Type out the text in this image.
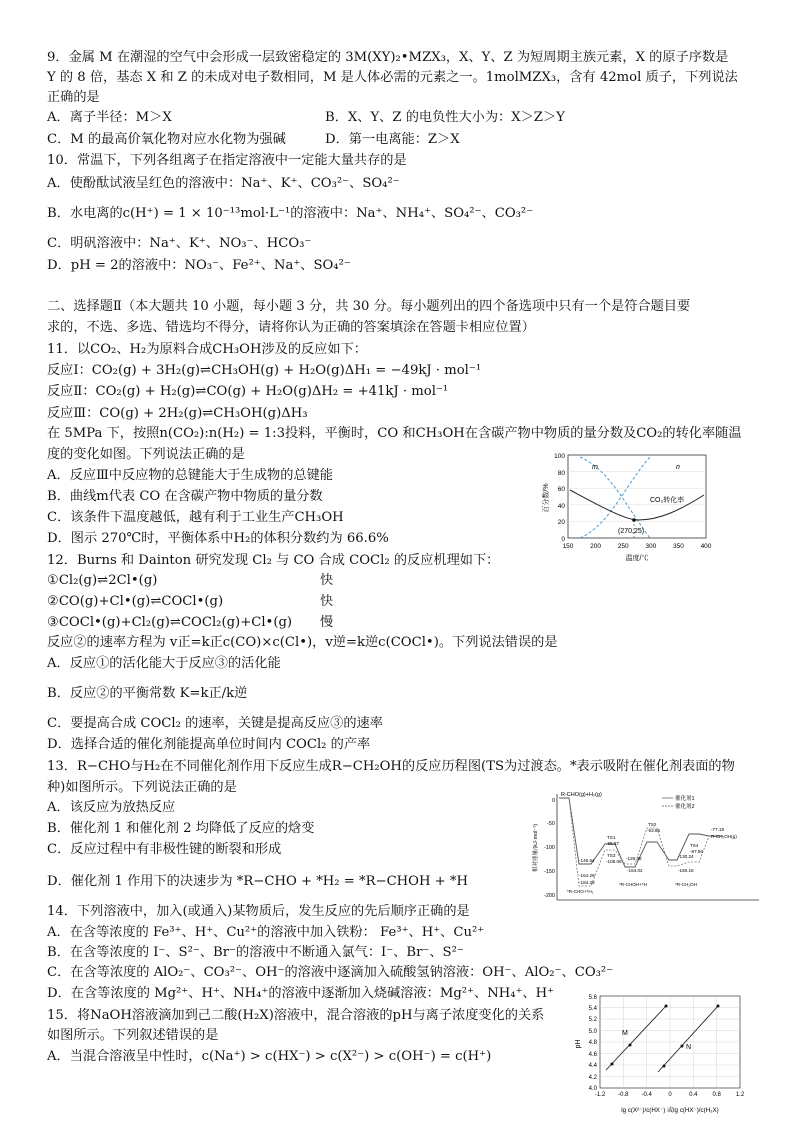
9．金属 M 在潮湿的空气中会形成一层致密稳定的 3M(XY)₂•MZX₃，X、Y、Z 为短周期主族元素，X 的原子序数是
Y 的 8 倍，基态 X 和 Z 的未成对电子数相同，M 是人体必需的元素之一。1molMZX₃，含有 42mol 质子，下列说法
正确的是
A．离子半径：M＞X	B．X、Y、Z 的电负性大小为：X＞Z＞Y
C．M 的最高价氧化物对应水化物为强碱	D．第一电离能：Z＞X
10．常温下，下列各组离子在指定溶液中一定能大量共存的是
A．使酚酞试液呈红色的溶液中：Na⁺、K⁺、CO₃²⁻、SO₄²⁻
B．水电离的c(H⁺) = 1 × 10⁻¹³mol·L⁻¹的溶液中：Na⁺、NH₄⁺、SO₄²⁻、CO₃²⁻
C．明矾溶液中：Na⁺、K⁺、NO₃⁻、HCO₃⁻
D．pH = 2的溶液中：NO₃⁻、Fe²⁺、Na⁺、SO₄²⁻
二、选择题Ⅱ（本大题共 10 小题，每小题 3 分，共 30 分。每小题列出的四个备选项中只有一个是符合题目要
求的，不选、多选、错选均不得分，请将你认为正确的答案填涂在答题卡相应位置）
11．以CO₂、H₂为原料合成CH₃OH涉及的反应如下：
反应Ⅰ：CO₂(g) + 3H₂(g)⇌CH₃OH(g) + H₂O(g)ΔH₁ = −49kJ · mol⁻¹
反应Ⅱ：CO₂(g) + H₂(g)⇌CO(g) + H₂O(g)ΔH₂ = +41kJ · mol⁻¹
反应Ⅲ：CO(g) + 2H₂(g)⇌CH₃OH(g)ΔH₃
在 5MPa 下，按照n(CO₂):n(H₂) = 1:3投料，平衡时，CO 和CH₃OH在含碳产物中物质的量分数及CO₂的转化率随温
度的变化如图。下列说法正确的是
A．反应Ⅲ中反应物的总键能大于生成物的总键能
B．曲线m代表 CO 在含碳产物中物质的量分数
C．该条件下温度越低，越有利于工业生产CH₃OH
D．图示 270℃时，平衡体系中H₂的体积分数约为 66.6%
12．Burns 和 Dainton 研究发现 Cl₂ 与 CO 合成 COCl₂ 的反应机理如下：
①Cl₂(g)⇌2Cl•(g)	快
②CO(g)+Cl•(g)⇌COCl•(g)	快
③COCl•(g)+Cl₂(g)⇌COCl₂(g)+Cl•(g) 慢
反应②的速率方程为 v正=k正c(CO)×c(Cl•)，v逆=k逆c(COCl•)。下列说法错误的是
A．反应①的活化能大于反应③的活化能
B．反应②的平衡常数 K=k正/k逆
C．要提高合成 COCl₂ 的速率，关键是提高反应③的速率
D．选择合适的催化剂能提高单位时间内 COCl₂ 的产率
13．R−CHO与H₂在不同催化剂作用下反应生成R−CH₂OH的反应历程图(TS为过渡态。*表示吸附在催化剂表面的物
种)如图所示。下列说法正确的是
A．该反应为放热反应
B．催化剂 1 和催化剂 2 均降低了反应的焓变
C．反应过程中有非极性键的断裂和形成
D．催化剂 1 作用下的决速步为 *R−CHO + *H₂ = *R−CHOH + *H
14．下列溶液中，加入(或通入)某物质后，发生反应的先后顺序正确的是
A．在含等浓度的 Fe³⁺、H⁺、Cu²⁺的溶液中加入铁粉： Fe³⁺、H⁺、Cu²⁺
B．在含等浓度的 I⁻、S²⁻、Br⁻的溶液中不断通入氯气：I⁻、Br⁻、S²⁻
C．在含等浓度的 AlO₂⁻、CO₃²⁻、OH⁻的溶液中逐滴加入硫酸氢钠溶液：OH⁻、AlO₂⁻、CO₃²⁻
D．在含等浓度的 Mg²⁺、H⁺、NH₄⁺的溶液中逐渐加入烧碱溶液：Mg²⁺、NH₄⁺、H⁺
15．将NaOH溶液滴加到己二酸(H₂X)溶液中，混合溶液的pH与离子浓度变化的关系
如图所示。下列叙述错误的是
A．当混合溶液呈中性时，c(Na⁺) > c(HX⁻) > c(X²⁻) > c(OH⁻) = c(H⁺)
m	n
CO₂转化率
(270,25)
0
20
40
60
80
100
150	200	250	300	350	400
温度/℃
百分数/%
0
-50
-100
-150
-200
相对能量/(kJ·mol⁻¹)
R-CHO(g)+H₂(g)
催化剂1
催化剂2
TS1
-85.87
TS2
-63.66	-77.18
R-CH₂OH(g)
TS3
-108.06
-126.38
TS4
-87.80
-130.24
-146.64
-164.02	-160.16
-164.29
-184.29
*R-CHO+*H₂
*R-CHOH+*H	*R-CH₂OH
M
N
pH
4.0
4.2
4.4
4.6
4.8
5.0
5.2
5.4
5.6
-1.2 -0.8 -0.4	0	0.4	0.8 1.2
lg c(X²⁻)/c(HX⁻) 或lg c(HX⁻)/c(H₂X)
